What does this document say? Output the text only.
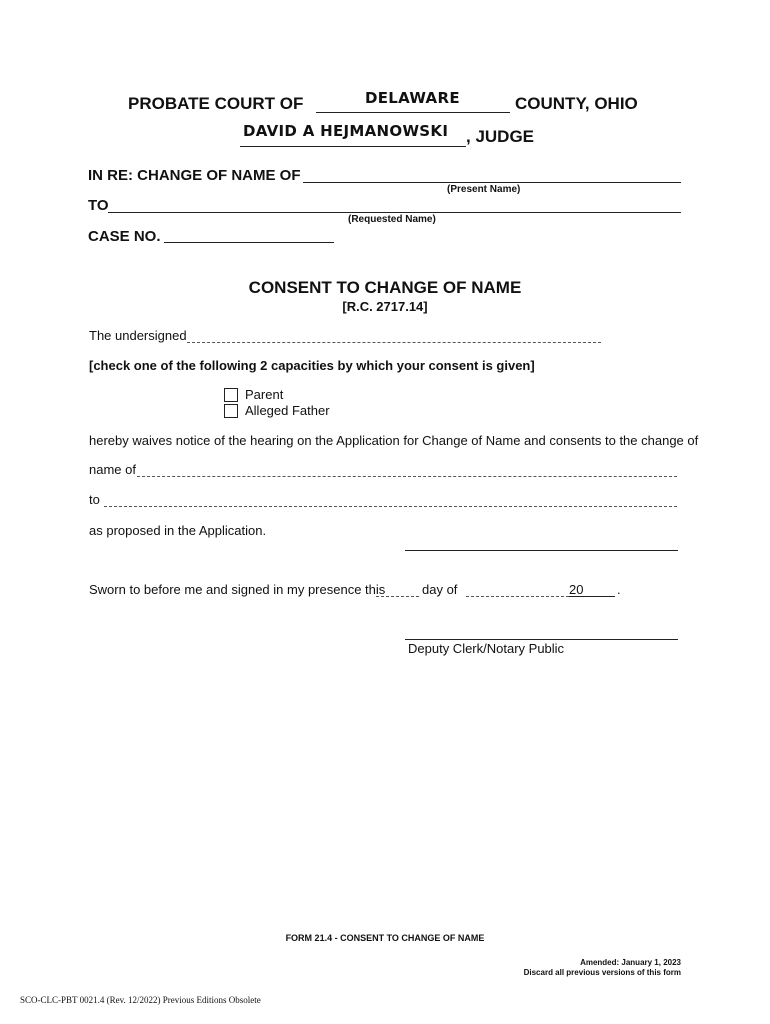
PROBATE COURT OF	DELAWARE	COUNTY, OHIO
DAVID A HEJMANOWSKI , JUDGE
IN RE: CHANGE OF NAME OF
(Present Name)
TO
(Requested Name)
CASE NO.
CONSENT TO CHANGE OF NAME
[R.C. 2717.14]
The undersigned
[check one of the following 2 capacities by which your consent is given]
Parent
Alleged Father
hereby waives notice of the hearing on the Application for Change of Name and consents to the change of
name of
to
as proposed in the Application.
Sworn to before me and signed in my presence this	day of	20	.
Deputy Clerk/Notary Public
FORM 21.4 - CONSENT TO CHANGE OF NAME
Amended: January 1, 2023
Discard all previous versions of this form
SCO-CLC-PBT 0021.4 (Rev. 12/2022) Previous Editions Obsolete
